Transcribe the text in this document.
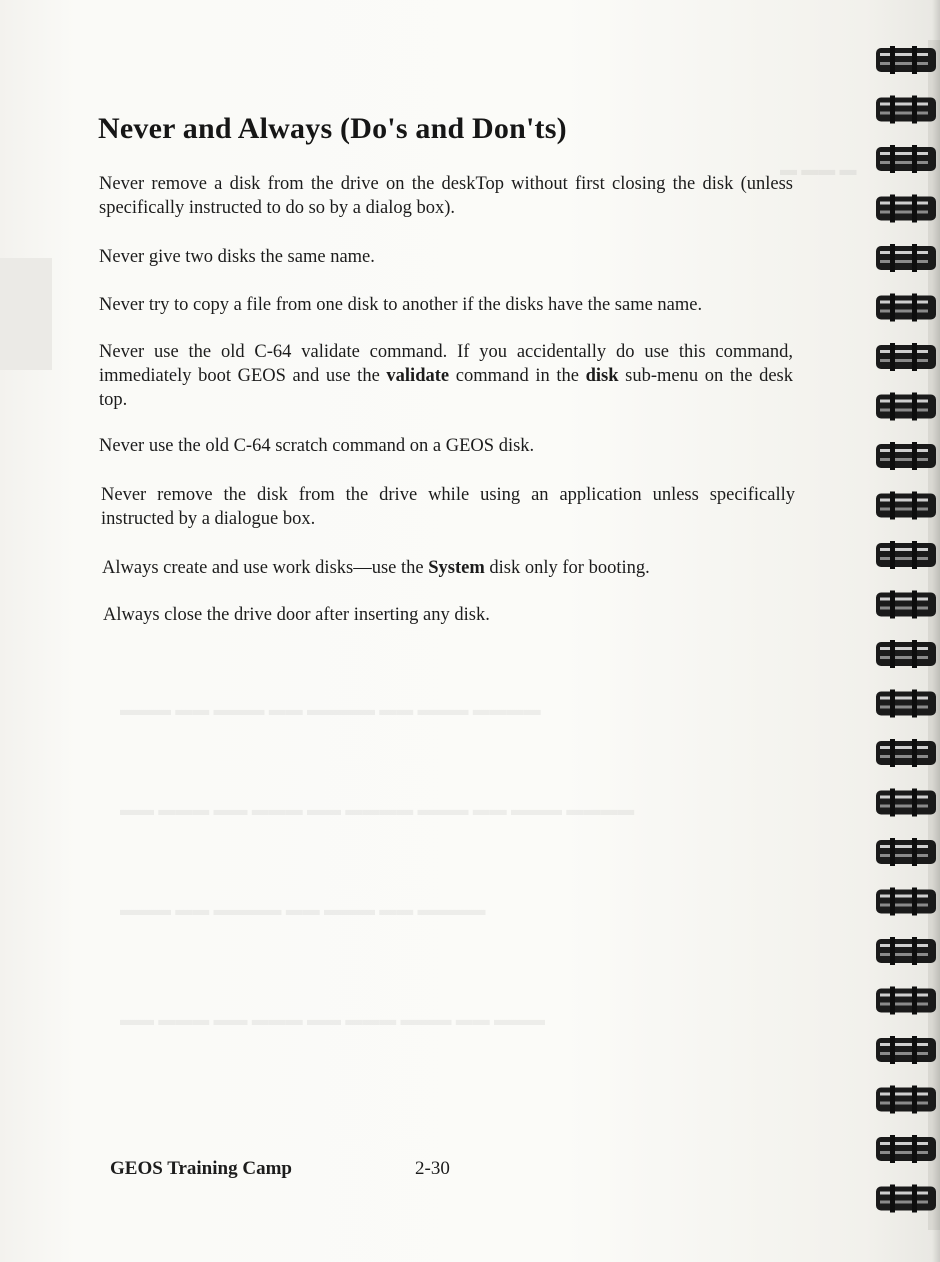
▬ ▬▬ ▬
▬▬▬ ▬▬ ▬▬▬ ▬▬ ▬▬▬▬ ▬▬ ▬▬▬ ▬▬▬▬
▬▬ ▬▬▬ ▬▬ ▬▬▬ ▬▬ ▬▬▬▬ ▬▬▬ ▬▬ ▬▬▬ ▬▬▬▬
▬▬▬ ▬▬ ▬▬▬▬ ▬▬ ▬▬▬ ▬▬ ▬▬▬▬
▬▬ ▬▬▬ ▬▬ ▬▬▬ ▬▬ ▬▬▬ ▬▬▬ ▬▬ ▬▬▬
Never and Always (Do's and Don'ts)

Never remove a disk from the drive on the deskTop without first closing the disk (unless specifically instructed to do so by a dialog box).

Never give two disks the same name.

Never try to copy a file from one disk to another if the disks have the same name.

Never use the old C-64 validate command. If you accidentally do use this command, immediately boot GEOS and use the validate command in the disk sub-menu on the desk top.

Never use the old C-64 scratch command on a GEOS disk.

Never remove the disk from the drive while using an application unless specifically instructed by a dialogue box.

Always create and use work disks—use the System disk only for booting.

Always close the drive door after inserting any disk.

GEOS Training Camp	2-30
